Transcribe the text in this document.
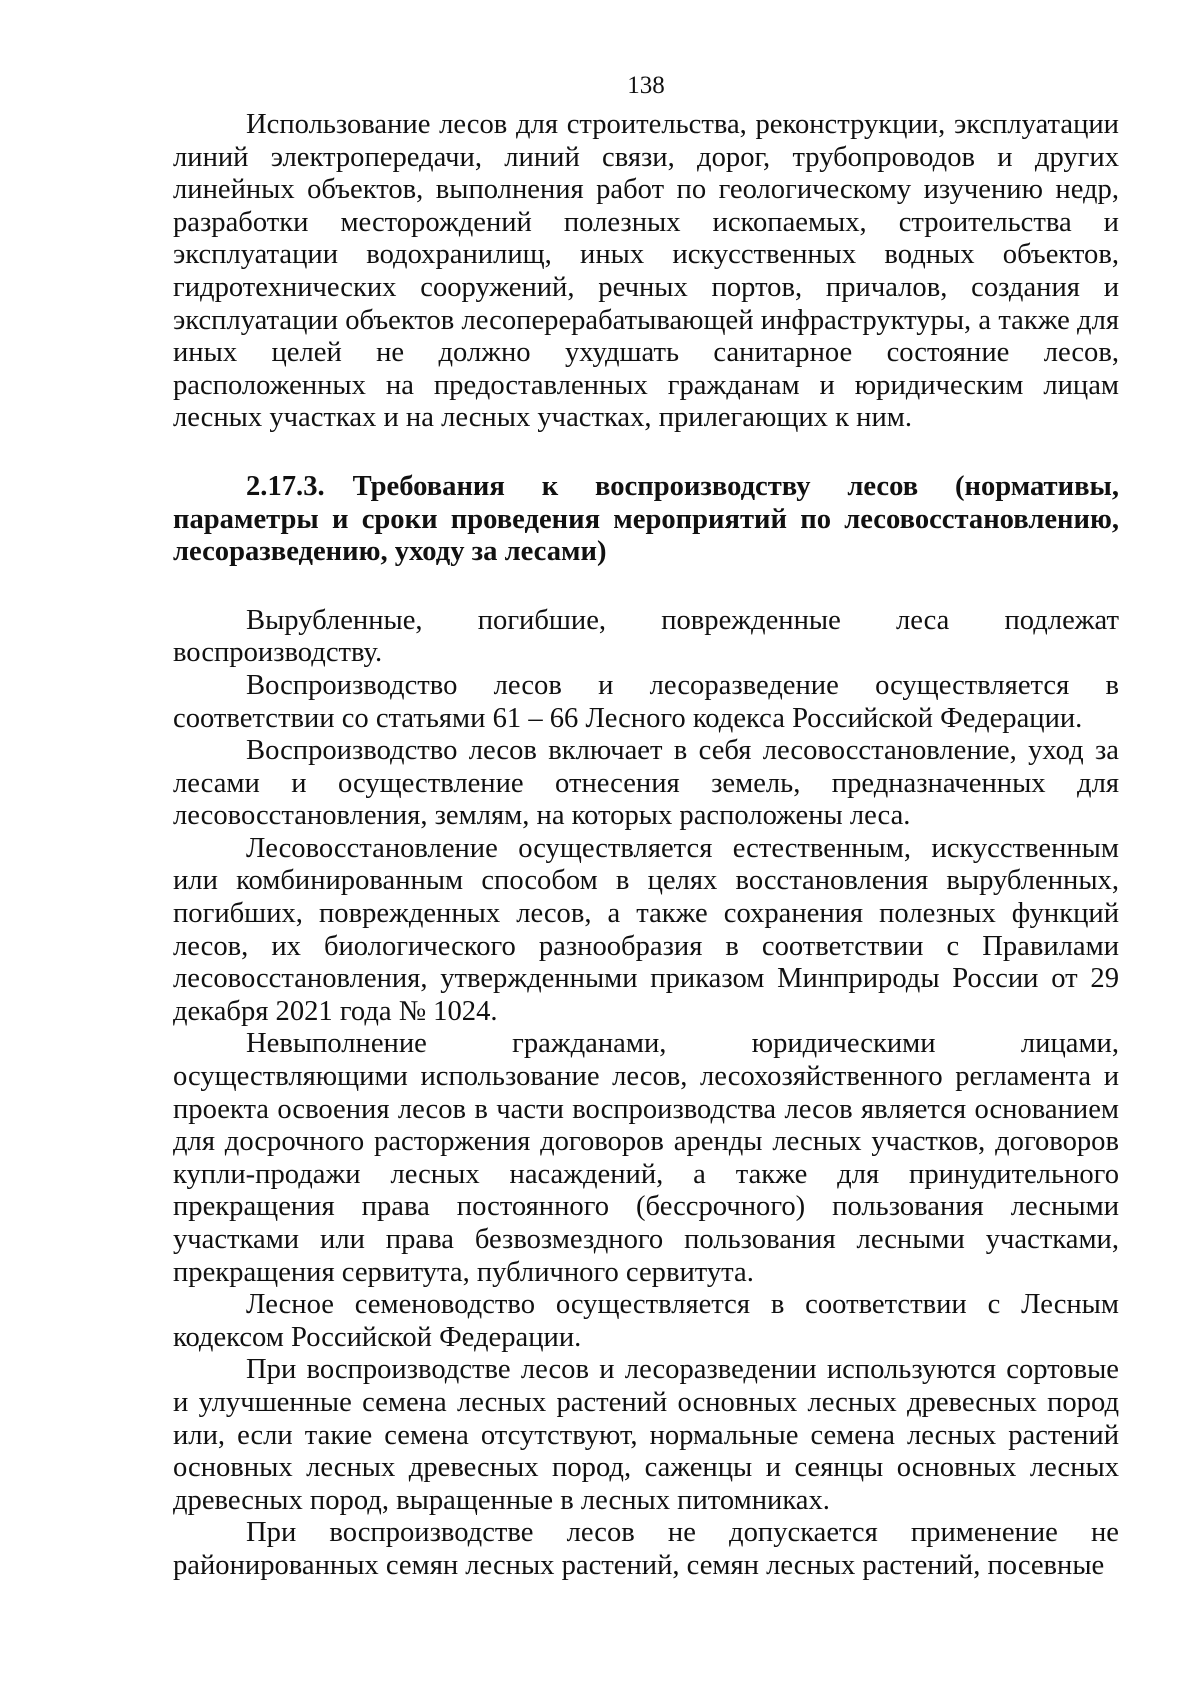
138

Использование лесов для строительства, реконструкции, эксплуатации линий электропередачи, линий связи, дорог, трубопроводов и других линейных объектов, выполнения работ по геологическому изучению недр, разработки месторождений полезных ископаемых, строительства и эксплуатации водохранилищ, иных искусственных водных объектов, гидротехнических сооружений, речных портов, причалов, создания и эксплуатации объектов лесоперерабатывающей инфраструктуры, а также для иных целей не должно ухудшать санитарное состояние лесов, расположенных на предоставленных гражданам и юридическим лицам лесных участках и на лесных участках, прилегающих к ним.

2.17.3. Требования к воспроизводству лесов (нормативы, параметры и сроки проведения мероприятий по лесовосстановлению, лесоразведению, уходу за лесами)

Вырубленные, погибшие, поврежденные леса подлежат воспроизводству.

Воспроизводство лесов и лесоразведение осуществляется в соответствии со статьями 61 – 66 Лесного кодекса Российской Федерации.

Воспроизводство лесов включает в себя лесовосстановление, уход за лесами и осуществление отнесения земель, предназначенных для лесовосстановления, землям, на которых расположены леса.

Лесовосстановление осуществляется естественным, искусственным или комбинированным способом в целях восстановления вырубленных, погибших, поврежденных лесов, а также сохранения полезных функций лесов, их биологического разнообразия в соответствии с Правилами лесовосстановления, утвержденными приказом Минприроды России от 29 декабря 2021 года № 1024.

Невыполнение гражданами, юридическими лицами, осуществляющими использование лесов, лесохозяйственного регламента и проекта освоения лесов в части воспроизводства лесов является основанием для досрочного расторжения договоров аренды лесных участков, договоров купли-продажи лесных насаждений, а также для принудительного прекращения права постоянного (бессрочного) пользования лесными участками или права безвозмездного пользования лесными участками, прекращения сервитута, публичного сервитута.

Лесное семеноводство осуществляется в соответствии с Лесным кодексом Российской Федерации.

При воспроизводстве лесов и лесоразведении используются сортовые и улучшенные семена лесных растений основных лесных древесных пород или, если такие семена отсутствуют, нормальные семена лесных растений основных лесных древесных пород, саженцы и сеянцы основных лесных древесных пород, выращенные в лесных питомниках.

При воспроизводстве лесов не допускается применение не районированных семян лесных растений, семян лесных растений, посевные
